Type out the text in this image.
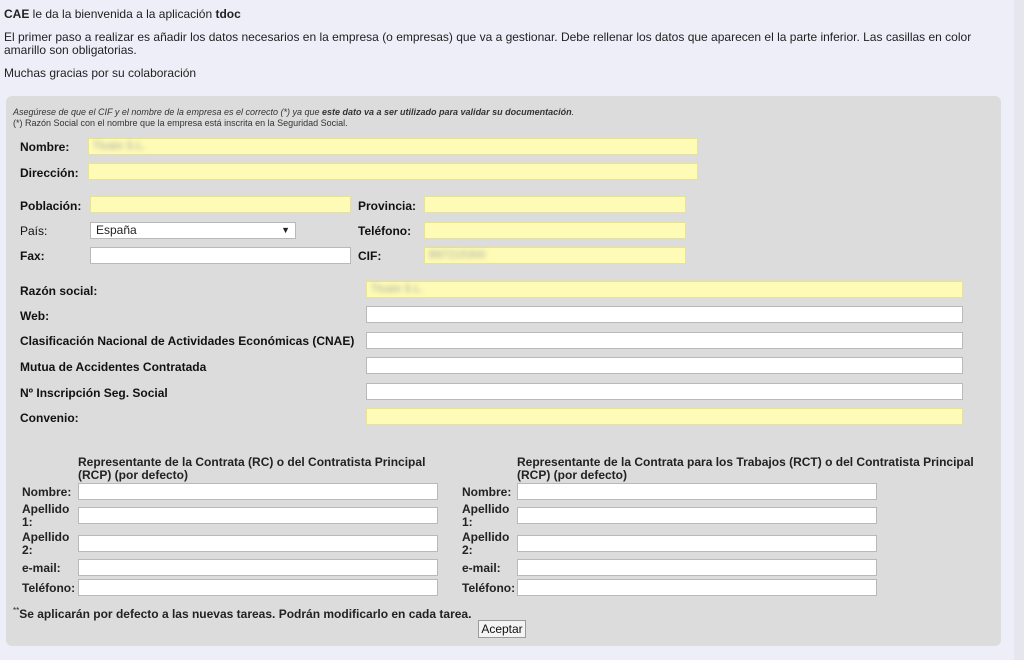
CAE le da la bienvenida a la aplicación tdoc
El primer paso a realizar es añadir los datos necesarios en la empresa (o empresas) que va a gestionar. Debe rellenar los datos que aparecen el la parte inferior. Las casillas en color amarillo son obligatorias.
Muchas gracias por su colaboración
Asegúrese de que el CIF y el nombre de la empresa es el correcto (*) ya que este dato va a ser utilizado para validar su documentación.
(*) Razón Social con el nombre que la empresa está inscrita en la Seguridad Social.
Nombre:	Ttuaix S.L.
Dirección:
Población:	Provincia:
País:	España	▼	Teléfono:
Fax:	CIF:	B87215300
Razón social:	Ttuaix S.L.
Web:
Clasificación Nacional de Actividades Económicas (CNAE)
Mutua de Accidentes Contratada
Nº Inscripción Seg. Social
Convenio:
Representante de la Contrata (RC) o del Contratista Principal (RCP) (por defecto)
Nombre:
Apellido 1:
Apellido 2:
e-mail:
Teléfono:
Representante de la Contrata para los Trabajos (RCT) o del Contratista Principal (RCP) (por defecto)
Nombre:
Apellido 1:
Apellido 2:
e-mail:
Teléfono:
**Se aplicarán por defecto a las nuevas tareas. Podrán modificarlo en cada tarea.
Aceptar
